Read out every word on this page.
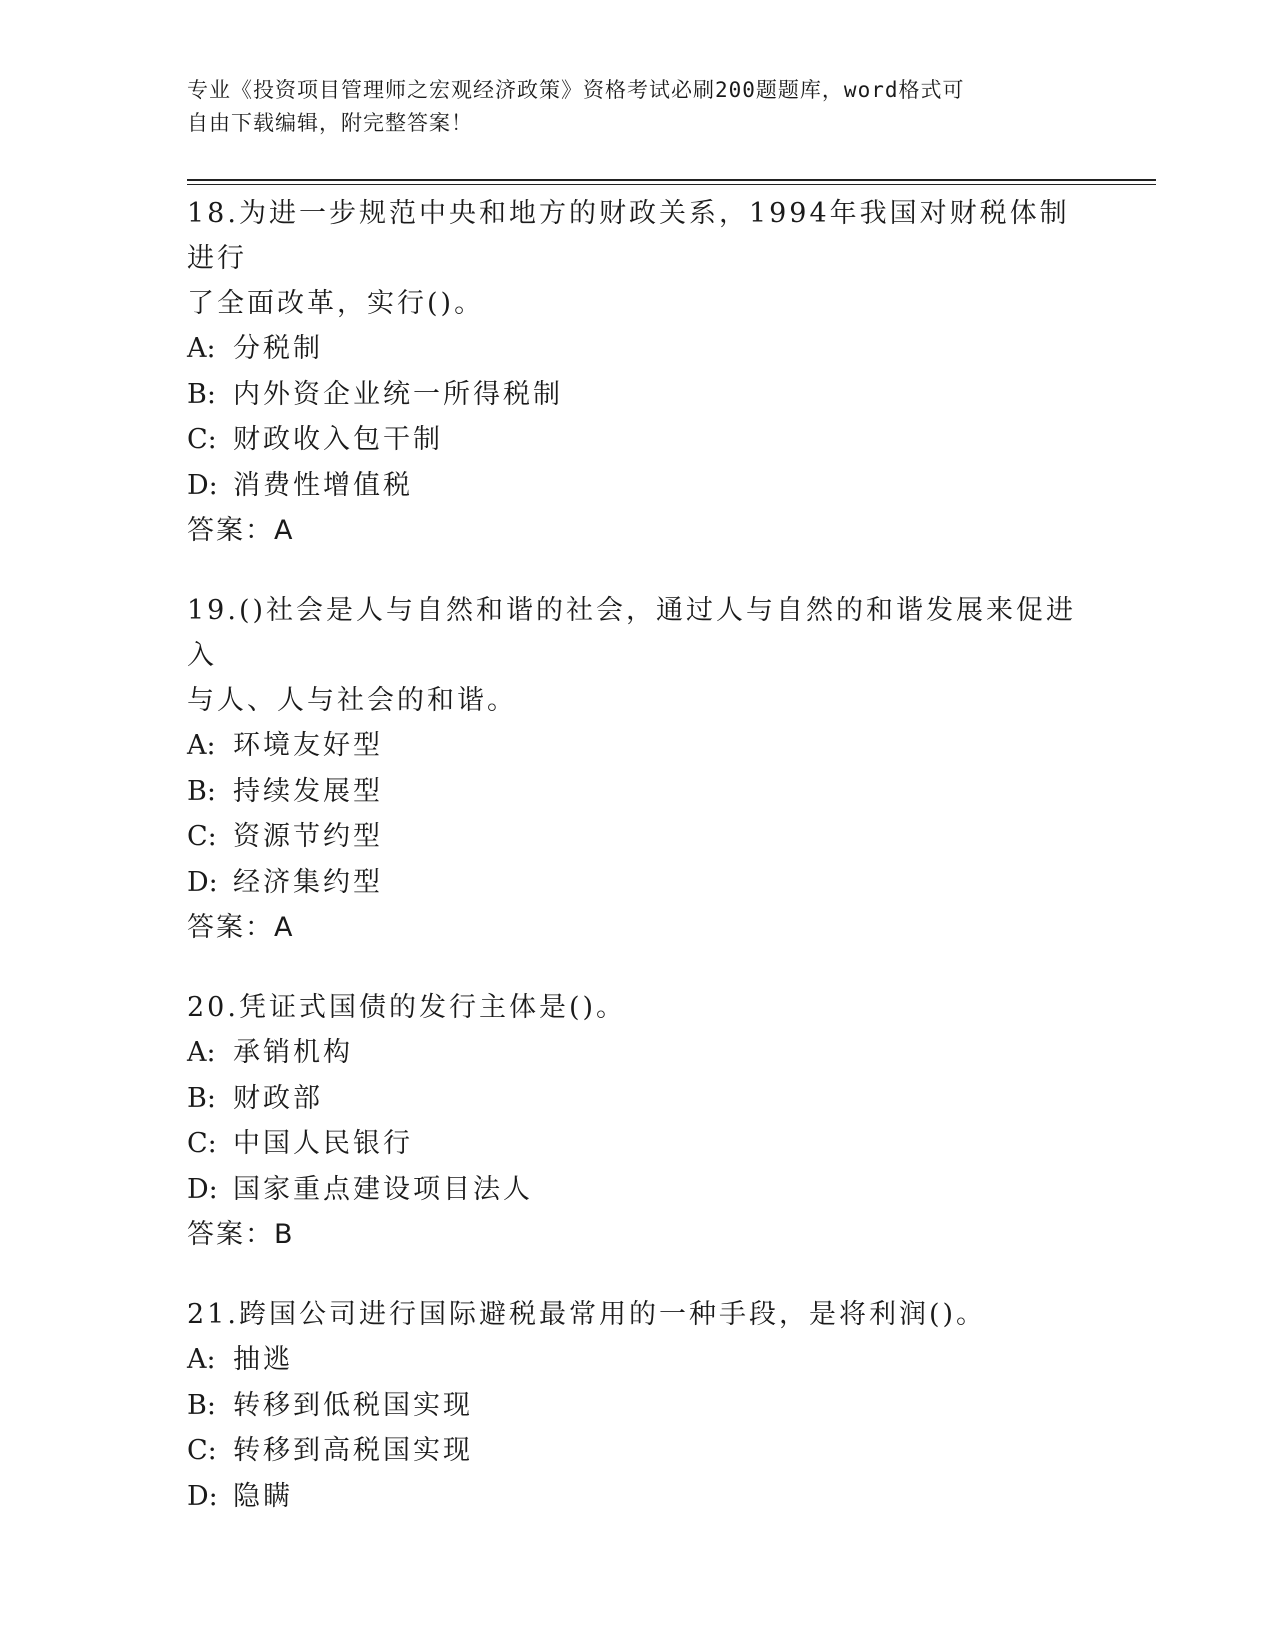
专业《投资项目管理师之宏观经济政策》资格考试必刷200题题库，word格式可
自由下载编辑，附完整答案！

18.为进一步规范中央和地方的财政关系，1994年我国对财税体制进行

了全面改革，实行()。

A: 分税制

B: 内外资企业统一所得税制

C: 财政收入包干制

D: 消费性增值税

答案：A

19.()社会是人与自然和谐的社会，通过人与自然的和谐发展来促进入

与人、人与社会的和谐。

A: 环境友好型

B: 持续发展型

C: 资源节约型

D: 经济集约型

答案：A

20.凭证式国债的发行主体是()。

A: 承销机构

B: 财政部

C: 中国人民银行

D: 国家重点建设项目法人

答案：B

21.跨国公司进行国际避税最常用的一种手段，是将利润()。

A: 抽逃

B: 转移到低税国实现

C: 转移到高税国实现

D: 隐瞒
